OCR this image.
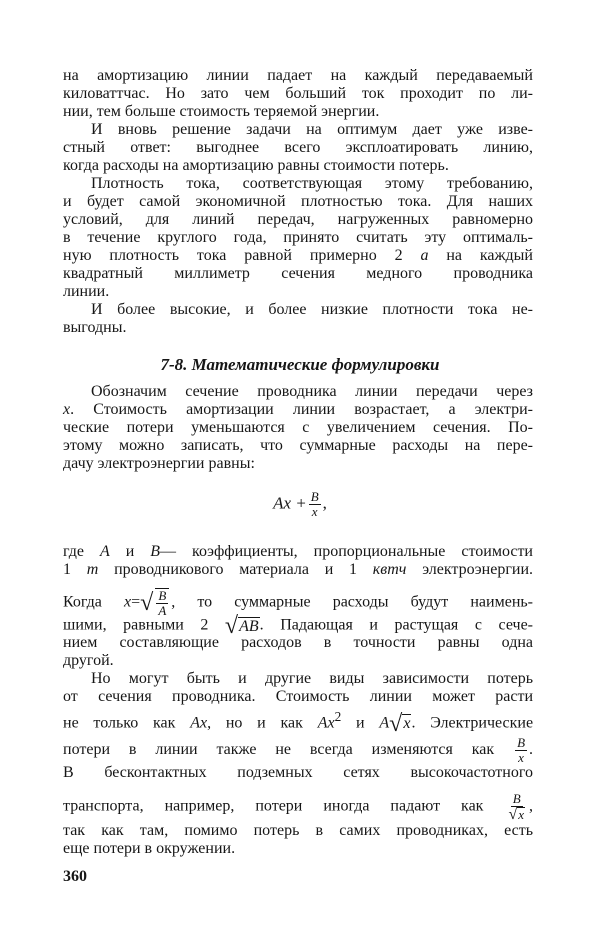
на амортизацию линии падает на каждый передаваемый
киловаттчас. Но зато чем больший ток проходит по ли-
нии, тем больше стоимость теряемой энергии.
И вновь решение задачи на оптимум дает уже изве-
стный ответ: выгоднее всего эксплоатировать линию,
когда расходы на амортизацию равны стоимости потерь.
Плотность тока, соответствующая этому требованию,
и будет самой экономичной плотностью тока. Для наших
условий, для линий передач, нагруженных равномерно
в течение круглого года, принято считать эту оптималь-
ную плотность тока равной примерно 2 a на каждый
квадратный миллиметр сечения медного проводника
линии.
И более высокие, и более низкие плотности тока не-
выгодны.
7-8. Математические формулировки
Обозначим сечение проводника линии передачи через
x. Стоимость амортизации линии возрастает, а электри-
ческие потери уменьшаются с увеличением сечения. По-
этому можно записать, что суммарные расходы на пере-
дачу электроэнергии равны:
$Ax + \frac{B}{x}$ ,
где A и B— коэффициенты, пропорциональные стоимости
1 т проводникового материала и 1 квтч электроэнергии.
Когда x= √ $\frac{B}{A}$ , то суммарные расходы будут наимень-
шими, равными 2 √ AB . Падающая и растущая с сече-
нием составляющие расходов в точности равны одна
другой.
Но могут быть и другие виды зависимости потерь
от сечения проводника. Стоимость линии может расти
не только как Ax, но и как Ax$^2$ и A √ x . Электрические
потери в линии также не всегда изменяются как $\frac{B}{x}$ .
В бесконтактных подземных сетях высокочастотного
транспорта, например, потери иногда падают как $\frac{B}{√ x}$ ,
так как там, помимо потерь в самих проводниках, есть
еще потери в окружении.
360
